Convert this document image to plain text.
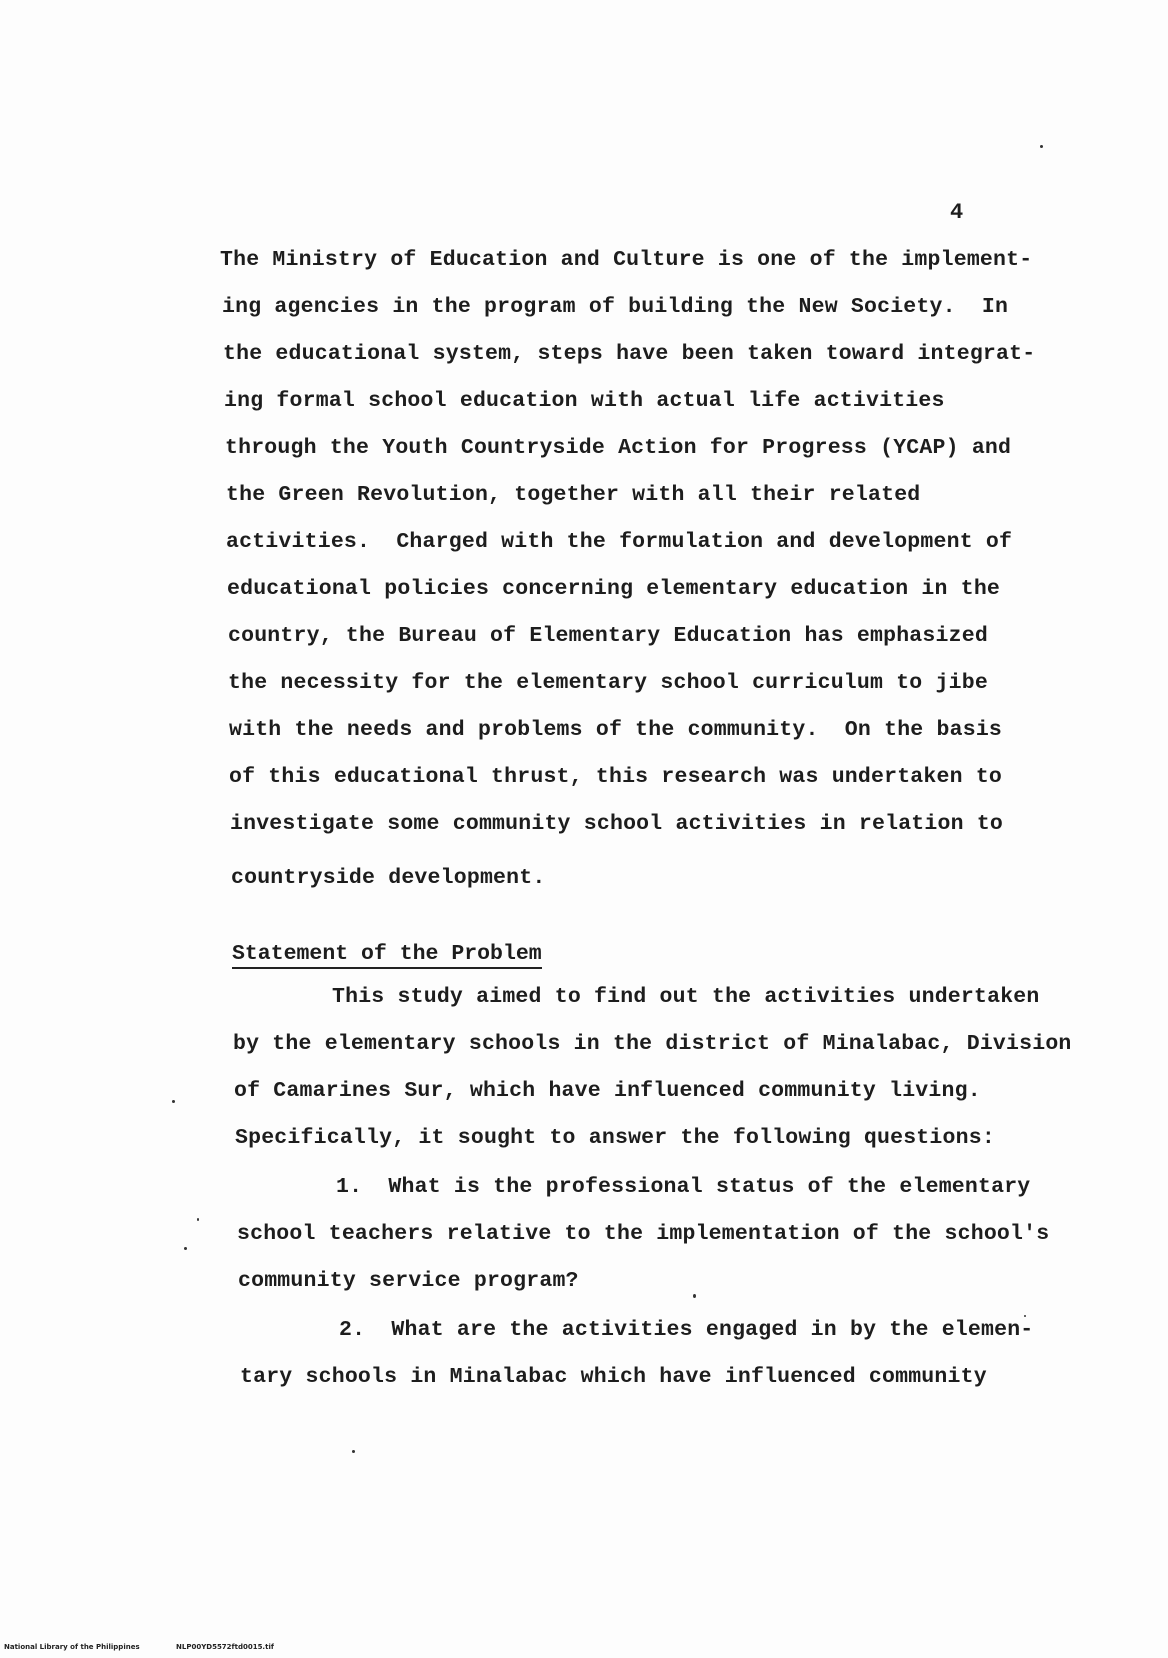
4
The Ministry of Education and Culture is one of the implement-
ing agencies in the program of building the New Society.  In
the educational system, steps have been taken toward integrat-
ing formal school education with actual life activities
through the Youth Countryside Action for Progress (YCAP) and
the Green Revolution, together with all their related
activities.  Charged with the formulation and development of
educational policies concerning elementary education in the
country, the Bureau of Elementary Education has emphasized
the necessity for the elementary school curriculum to jibe
with the needs and problems of the community.  On the basis
of this educational thrust, this research was undertaken to
investigate some community school activities in relation to
countryside development.
Statement of the Problem
This study aimed to find out the activities undertaken
by the elementary schools in the district of Minalabac, Division
of Camarines Sur, which have influenced community living.
Specifically, it sought to answer the following questions:
1.  What is the professional status of the elementary
school teachers relative to the implementation of the school's
community service program?
2.  What are the activities engaged in by the elemen-
tary schools in Minalabac which have influenced community
National Library of the Philippines	NLP00YD5572ftd0015.tif
